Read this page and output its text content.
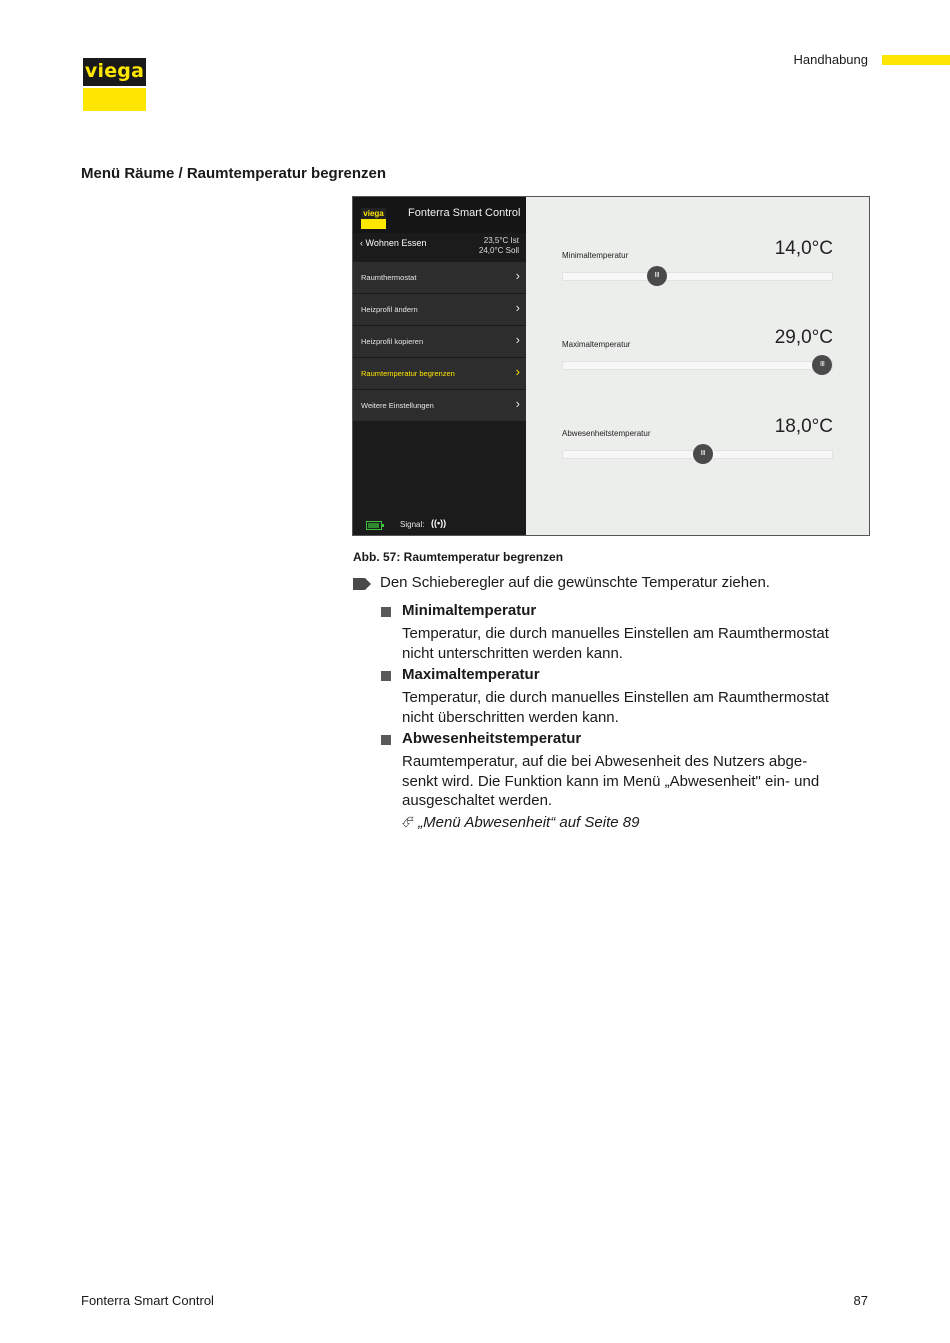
viega
Handhabung
Menü Räume / Raumtemperatur begrenzen
viega Fonterra Smart Control
‹ Wohnen Essen	23,5°C Ist
24,0°C Soll
Raumthermostat	›
Heizprofil ändern	›
Heizprofil kopieren	›
Raumtemperatur begrenzen	›
Weitere Einstellungen	›
Signal: ((•))
Minimaltemperatur	14,0°C
III
Maximaltemperatur	29,0°C
III
Abwesenheitstemperatur	18,0°C
III
Abb. 57: Raumtemperatur begrenzen
Den Schieberegler auf die gewünschte Temperatur ziehen.
Minimaltemperatur
Temperatur, die durch manuelles Einstellen am Raumthermostat
nicht unterschritten werden kann.
Maximaltemperatur
Temperatur, die durch manuelles Einstellen am Raumthermostat
nicht überschritten werden kann.
Abwesenheitstemperatur
Raumtemperatur, auf die bei Abwesenheit des Nutzers abge-
senkt wird. Die Funktion kann im Menü „Abwesenheit" ein- und
ausgeschaltet werden.
⮶ „Menü Abwesenheit“ auf Seite 89
Fonterra Smart Control	87
